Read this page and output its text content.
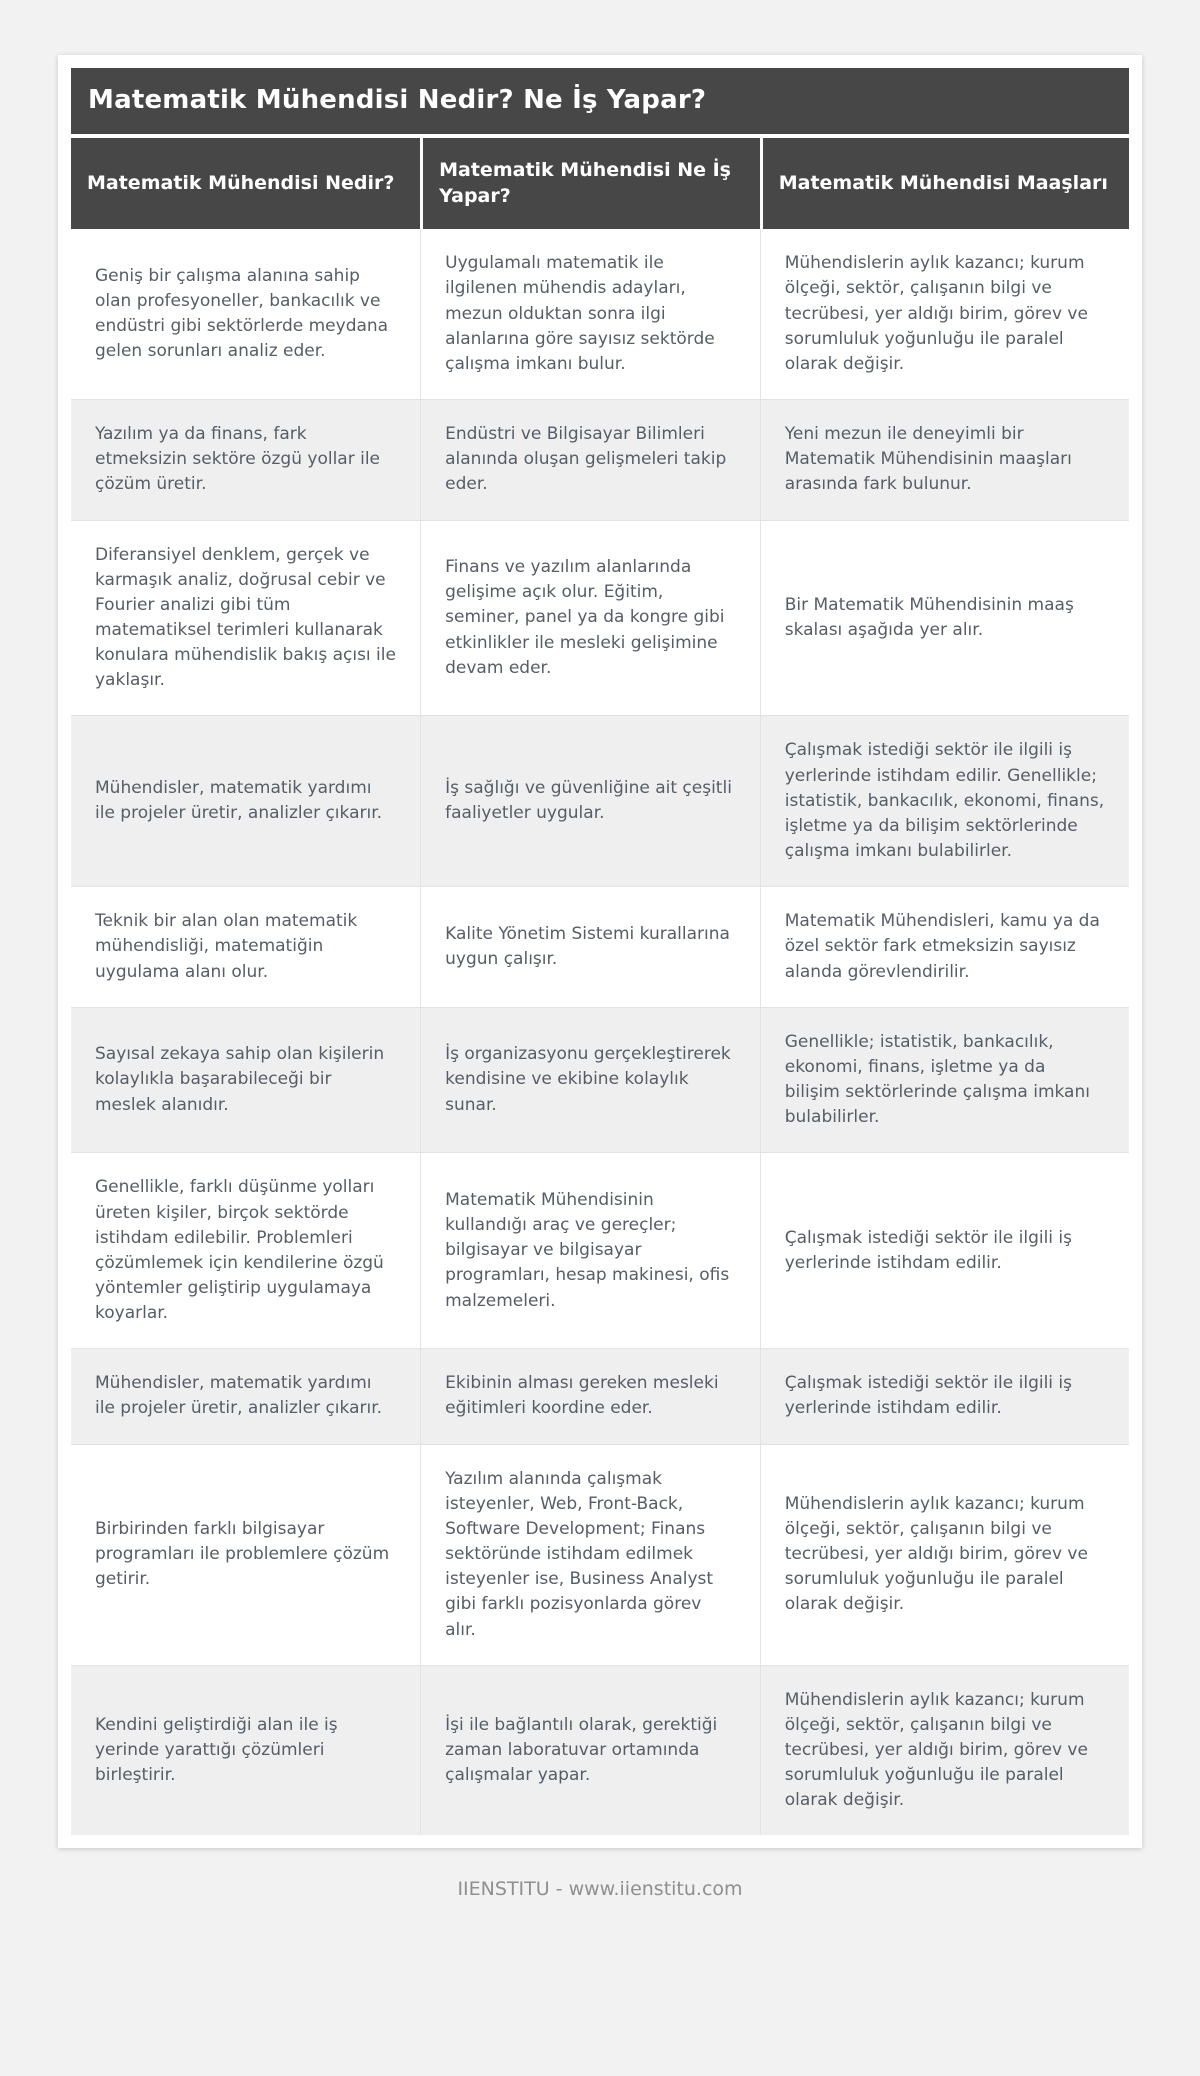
Matematik Mühendisi Nedir? Ne İş Yapar?
Matematik Mühendisi Nedir?	Matematik Mühendisi Ne İş Yapar?	Matematik Mühendisi Maaşları
Geniş bir çalışma alanına sahip olan profesyoneller, bankacılık ve endüstri gibi sektörlerde meydana gelen sorunları analiz eder.	Uygulamalı matematik ile ilgilenen mühendis adayları, mezun olduktan sonra ilgi alanlarına göre sayısız sektörde çalışma imkanı bulur.	Mühendislerin aylık kazancı; kurum ölçeği, sektör, çalışanın bilgi ve tecrübesi, yer aldığı birim, görev ve sorumluluk yoğunluğu ile paralel olarak değişir.
Yazılım ya da finans, fark etmeksizin sektöre özgü yollar ile çözüm üretir.	Endüstri ve Bilgisayar Bilimleri alanında oluşan gelişmeleri takip eder.	Yeni mezun ile deneyimli bir Matematik Mühendisinin maaşları arasında fark bulunur.
Diferansiyel denklem, gerçek ve karmaşık analiz, doğrusal cebir ve Fourier analizi gibi tüm matematiksel terimleri kullanarak konulara mühendislik bakış açısı ile yaklaşır.	Finans ve yazılım alanlarında gelişime açık olur. Eğitim, seminer, panel ya da kongre gibi etkinlikler ile mesleki gelişimine devam eder.	Bir Matematik Mühendisinin maaş skalası aşağıda yer alır.
Mühendisler, matematik yardımı ile projeler üretir, analizler çıkarır.	İş sağlığı ve güvenliğine ait çeşitli faaliyetler uygular.	Çalışmak istediği sektör ile ilgili iş yerlerinde istihdam edilir. Genellikle; istatistik, bankacılık, ekonomi, finans, işletme ya da bilişim sektörlerinde çalışma imkanı bulabilirler.
Teknik bir alan olan matematik mühendisliği, matematiğin uygulama alanı olur.	Kalite Yönetim Sistemi kurallarına uygun çalışır.	Matematik Mühendisleri, kamu ya da özel sektör fark etmeksizin sayısız alanda görevlendirilir.
Sayısal zekaya sahip olan kişilerin kolaylıkla başarabileceği bir meslek alanıdır.	İş organizasyonu gerçekleştirerek kendisine ve ekibine kolaylık sunar.	Genellikle; istatistik, bankacılık, ekonomi, finans, işletme ya da bilişim sektörlerinde çalışma imkanı bulabilirler.
Genellikle, farklı düşünme yolları üreten kişiler, birçok sektörde istihdam edilebilir. Problemleri çözümlemek için kendilerine özgü yöntemler geliştirip uygulamaya koyarlar.	Matematik Mühendisinin kullandığı araç ve gereçler; bilgisayar ve bilgisayar programları, hesap makinesi, ofis malzemeleri.	Çalışmak istediği sektör ile ilgili iş yerlerinde istihdam edilir.
Mühendisler, matematik yardımı ile projeler üretir, analizler çıkarır.	Ekibinin alması gereken mesleki eğitimleri koordine eder.	Çalışmak istediği sektör ile ilgili iş yerlerinde istihdam edilir.
Birbirinden farklı bilgisayar programları ile problemlere çözüm getirir.	Yazılım alanında çalışmak isteyenler, Web, Front-Back, Software Development; Finans sektöründe istihdam edilmek isteyenler ise, Business Analyst gibi farklı pozisyonlarda görev alır.	Mühendislerin aylık kazancı; kurum ölçeği, sektör, çalışanın bilgi ve tecrübesi, yer aldığı birim, görev ve sorumluluk yoğunluğu ile paralel olarak değişir.
Kendini geliştirdiği alan ile iş yerinde yarattığı çözümleri birleştirir.	İşi ile bağlantılı olarak, gerektiği zaman laboratuvar ortamında çalışmalar yapar.	Mühendislerin aylık kazancı; kurum ölçeği, sektör, çalışanın bilgi ve tecrübesi, yer aldığı birim, görev ve sorumluluk yoğunluğu ile paralel olarak değişir.
IIENSTITU - www.iienstitu.com
